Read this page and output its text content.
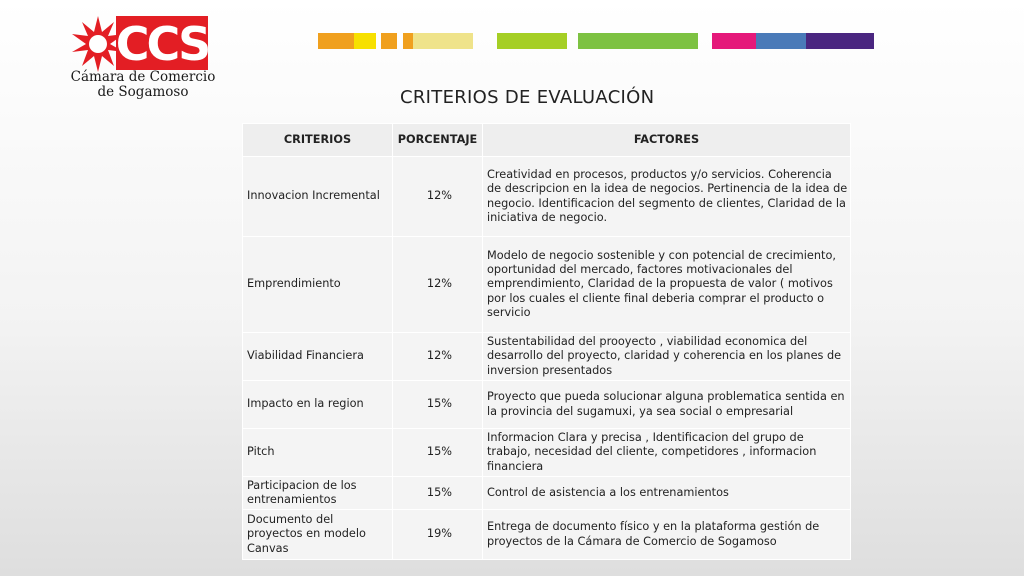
CCS
Cámara de Comercio
de Sogamoso	CRITERIOS DE EVALUACIÓN
CRITERIOS	PORCENTAJE	FACTORES
Innovacion Incremental	12%	Creatividad en procesos, productos y/o servicios. Coherencia de descripcion en la idea de negocios. Pertinencia de la idea de negocio. Identificacion del segmento de clientes, Claridad de la iniciativa de negocio.
Emprendimiento	12%	Modelo de negocio sostenible y con potencial de crecimiento, oportunidad del mercado, factores motivacionales del emprendimiento, Claridad de la propuesta de valor ( motivos por los cuales el cliente final deberia comprar el producto o servicio
Viabilidad Financiera	12%	Sustentabilidad del prooyecto , viabilidad economica del desarrollo del proyecto, claridad y coherencia en los planes de inversion presentados
Impacto en la region	15%	Proyecto que pueda solucionar alguna problematica sentida en la provincia del sugamuxi, ya sea social o empresarial
Pitch	15%	Informacion Clara y precisa , Identificacion del grupo de trabajo, necesidad del cliente, competidores , informacion financiera
Participacion de los entrenamientos	15%	Control de asistencia a los entrenamientos
Documento del proyectos en modelo Canvas	19%	Entrega de documento físico y en la plataforma gestión de proyectos de la Cámara de Comercio de Sogamoso
